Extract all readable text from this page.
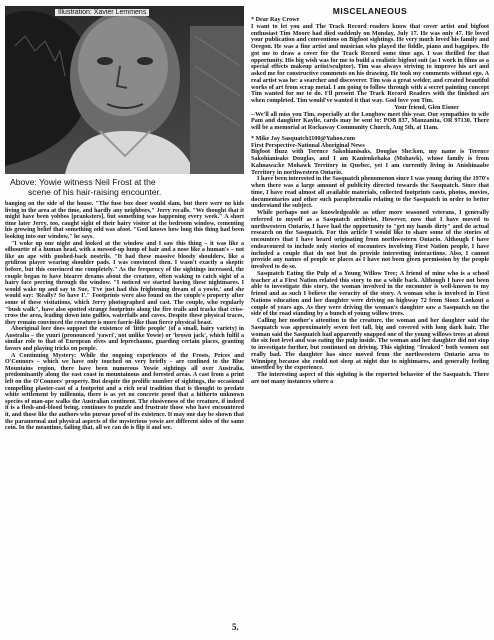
Illustration: Xavier Lemmens
Above: Yowie witness Neil Frost at the
scene of his hair-raising encounter.

banging on the side of the house. "The fuse box door would slam, but there were no kids living in the area at the time, and hardly any neighbors," Jerry recalls. "We thought that it might have been yobbos [pranksters], but something was happening every week." A short time later Jerry, too, caught sight of their hairy visitor at the bedroom window, cementing his growing belief that something odd was afoot. "God knows how long this thing had been looking into our window," he says.

"I woke up one night and looked at the window and I saw this thing – it was like a silhouette of a human head, with a messed-up lump of hair and a nose like a human's – not like an ape with pushed-back nostrils. "It had these massive bloody shoulders, like a gridiron player wearing shoulder pads. I was convinced then. I wasn't exactly a skeptic before, but this convinced me completely." As the frequency of the sightings increased, the couple began to have bizarre dreams about the creature, often waking to catch sight of a hairy face peering through the window. "I noticed we started having these nightmares. I would wake up and say to Sue, 'I've just had this frightening dream of a yowie,' and she would say: 'Really? So have I'." Footprints were also found on the couple's property after some of these visitations, which Jerry photographed and cast. The couple, who regularly "bush walk", have also spotted strange footprints along the fire trails and tracks that criss-cross the area, leading down into gullies, waterfalls and caves. Despite these physical traces, they remain convinced the creature is more faerie-like than fierce physical beast.

Aboriginal lore does support the existence of 'little people' (of a small, hairy variety) in Australia – the yuuri (pronounced 'yawri', not unlike Yowie) or 'brown jack', which fulfil a similar role to that of European elves and leprechauns, guarding certain places, granting favors and playing tricks on people.

A Continuing Mystery: While the ongoing experiences of the Frosts, Prices and O'Connors – which we have only touched on very briefly – are confined to the Blue Mountains region, there have been numerous Yowie sightings all over Australia, predominantly along the east coast in mountainous and forested areas. A cast from a print left on the O'Connors' property. But despite the prolific number of sightings, the occasional compelling plaster-cast of a footprint and a rich oral tradition that is thought to predate white settlement by millennia, there is as yet no concrete proof that a hitherto unknown species of man-ape walks the Australian continent. The elusiveness of the creature, if indeed it is a flesh-and-blood being, continues to puzzle and frustrate those who have encountered it, and those like the authors who pursue proof of its existence. It may one day be shown that the paranormal and physical aspects of the mysterious yowie are different sides of the same coin. In the meantime, failing that, all we can do is flip it and see.

MISCELANEOUS

* Dear Ray Crowe

I want to let you and The Track Record readers know that cover artist and bigfoot enthusiast Tim Moore had died suddenly on Monday, July 17. He was only 47. He loved your publication and conventions on Bigfoot sightings. He very much loved his family and Oregon. He was a fine artist and musician who played the fiddle, piano and bagpipes. He got me to draw a cover for the Track Record some time ago. I was thrilled for that opportunity. His big wish was for me to build a realistic bigfoot suit (as I work in films as a special effects makeup artist/sculptor). Tim was always striving to improve his art and asked me for constructive comments on his drawing. He took my comments without ego. A real artist was he: a searcher and discoverer. Tim was a great welder, and created beautiful works of art from scrap metal. I am going to follow through with a secret painting concept Tim wanted for me to do. I'll present The Track Record Readers with the finished art when completed. Tim would've wanted it that way. God love you Tim.

Your friend, Glen Eisner

--We'll all miss you Tim, especially at the Longbow meet this year. Our sympathies to wife Pam and daughter Kaylie, cards may be sent to: POB 837, Manzanita, OR 97130. There will be a memorial at Rockaway Community Church, Aug 5th, at 11am.

* Mike Jay Sasquatch1100@Yahoo.com

First Perspective-National Aboriginal News

Bigfoot Buzz with Terence Sakohianisaks, Douglas She:kon, my name is Terence Sakohianisaks Douglas, and I am Kanienkehaka (Mohawk), whose family is from Kahnawa:ke Mohawk Territory in Quebec, yet I am currently living in Anishinaabe Territory in northwestern Ontario.

I have been interested in the Sasquatch phenomenon since I was young during the 1970's when there was a large amount of publicity directed towards the Sasquatch. Since that time, I have read almost all available materials, collected footprints casts, photos, movies, documentaries and other such paraphernalia relating to the Sasquatch in order to better understand the subject.

While perhaps not as knowledgeable as other more seasoned veterans, I generally referred to myself as a Sasquatch archivist. However, now that I have moved to northwestern Ontario, I have had the opportunity to "get my hands dirty" and do actual research on the Sasquatch. For this article I would like to share some of the stories of encounters that I have heard originating from northwestern Ontario. Although I have endeavoured to include only stories of encounters involving First Nation people, I have included a couple that do not but do provide interesting interactions. Also, I cannot provide any names of people or places as I have not been given permission by the people involved to do so.

Sasquatch Eating the Pulp of a Young Willow Tree; A friend of mine who is a school teacher at a First Nation related this story to me a while back. Although I have not been able to investigate this story, the woman involved in the encounter is well-known to my friend and as such I believe the veracity of the story. A woman who is involved in First Nations education and her daughter were driving on highway 72 from Sioux Lookout a couple of years ago. As they were driving the woman's daughter saw a Sasquatch on the side of the road standing by a bunch of young willow trees.

Calling her mother's attention to the creature, the woman and her daughter said the Sasquatch was approximately seven feet tall, big and covered with long dark hair. The woman said the Sasquatch had apparently snapped one of the young willows trees at about the six foot level and was eating the pulp inside. The woman and her daughter did not stop to investigate further, but continued on driving. This sighting "freaked" both women out really bad. The daughter has since moved from the northwestern Ontario area to Winnipeg because she could not sleep at night due to nightmares, and generally feeling unsettled by the experience.

The interesting aspect of this sighting is the reported behavior of the Sasquatch. There are not many instances where a

5.
